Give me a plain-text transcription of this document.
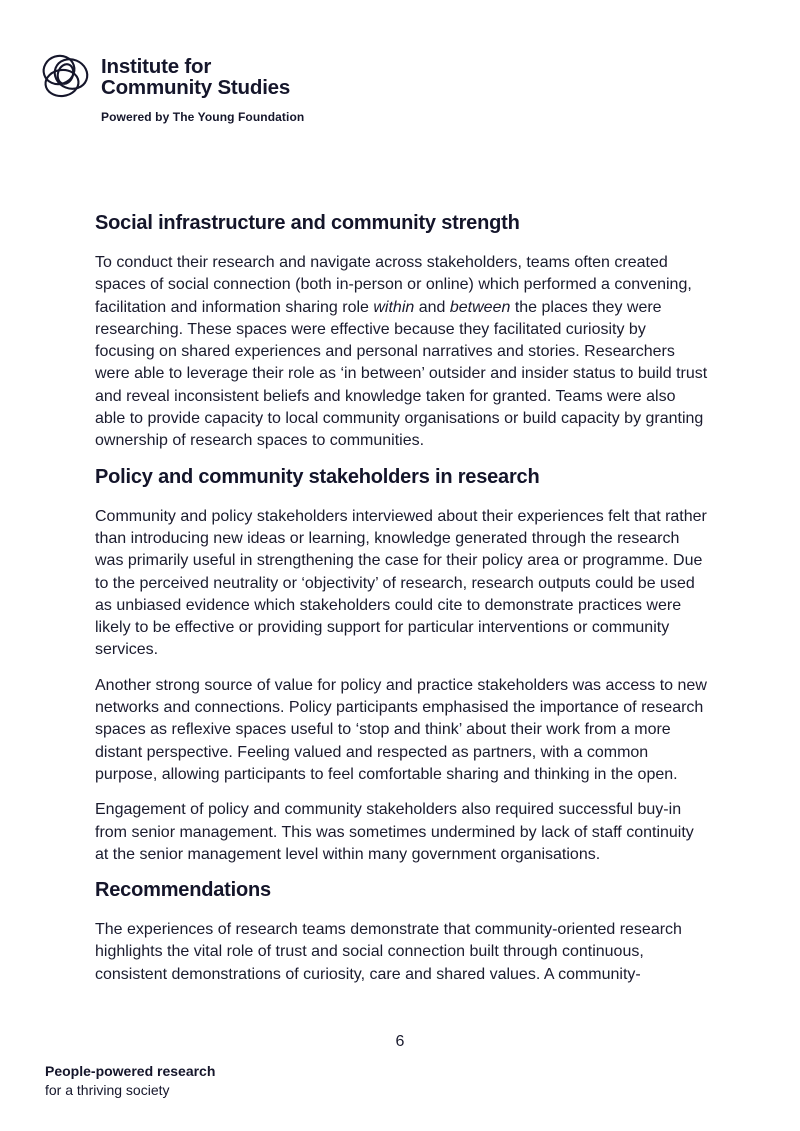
Institute for
Community Studies
Powered by The Young Foundation
Social infrastructure and community strength

To conduct their research and navigate across stakeholders, teams often created spaces of social connection (both in-person or online) which performed a convening, facilitation and information sharing role within and between the places they were researching. These spaces were effective because they facilitated curiosity by focusing on shared experiences and personal narratives and stories. Researchers were able to leverage their role as ‘in between’ outsider and insider status to build trust and reveal inconsistent beliefs and knowledge taken for granted. Teams were also able to provide capacity to local community organisations or build capacity by granting ownership of research spaces to communities.

Policy and community stakeholders in research

Community and policy stakeholders interviewed about their experiences felt that rather than introducing new ideas or learning, knowledge generated through the research was primarily useful in strengthening the case for their policy area or programme. Due to the perceived neutrality or ‘objectivity’ of research, research outputs could be used as unbiased evidence which stakeholders could cite to demonstrate practices were likely to be effective or providing support for particular interventions or community services.

Another strong source of value for policy and practice stakeholders was access to new networks and connections. Policy participants emphasised the importance of research spaces as reflexive spaces useful to ‘stop and think’ about their work from a more distant perspective. Feeling valued and respected as partners, with a common purpose, allowing participants to feel comfortable sharing and thinking in the open.

Engagement of policy and community stakeholders also required successful buy-in from senior management. This was sometimes undermined by lack of staff continuity at the senior management level within many government organisations.

Recommendations

The experiences of research teams demonstrate that community-oriented research highlights the vital role of trust and social connection built through continuous, consistent demonstrations of curiosity, care and shared values. A community-

6
People-powered research
for a thriving society
